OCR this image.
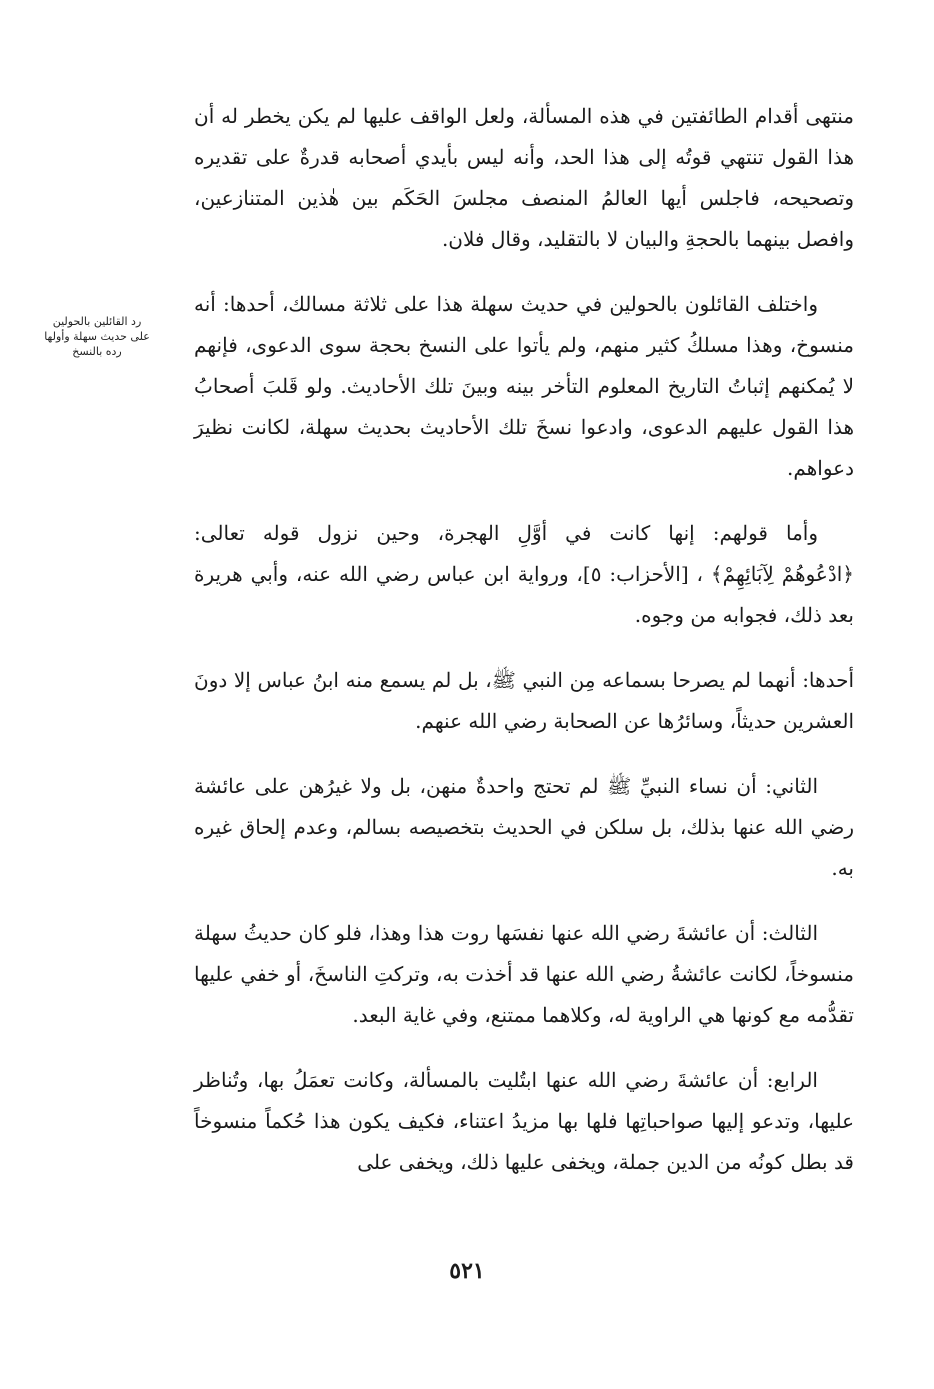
رد القائلين بالحولين
على حديث سهلة وأولها
رده بالنسخ

منتهى أقدام الطائفتين في هذه المسألة، ولعل الواقف عليها لم يكن يخطر له أن هذا القول تنتهي قوتُه إلى هذا الحد، وأنه ليس بأيدي أصحابه قدرةٌ على تقديره وتصحيحه، فاجلس أيها العالمُ المنصف مجلسَ الحَكَم بين هٰذين المتنازعين، وافصل بينهما بالحجةِ والبيان لا بالتقليد، وقال فلان.

واختلف القائلون بالحولين في حديث سهلة هذا على ثلاثة مسالك، أحدها: أنه منسوخ، وهذا مسلكُ كثير منهم، ولم يأتوا على النسخ بحجة سوى الدعوى، فإنهم لا يُمكنهم إثباتُ التاريخ المعلوم التأخر بينه وبينَ تلك الأحاديث. ولو قَلبَ أصحابُ هذا القول عليهم الدعوى، وادعوا نسخَ تلك الأحاديث بحديث سهلة، لكانت نظيرَ دعواهم.

وأما قولهم: إنها كانت في أوَّلِ الهجرة، وحين نزول قوله تعالى: ﴿ادْعُوهُمْ لِآبَائِهِمْ﴾ ، [الأحزاب: ٥]، ورواية ابن عباس رضي الله عنه، وأبي هريرة بعد ذلك، فجوابه من وجوه.

أحدها: أنهما لم يصرحا بسماعه مِن النبي ﷺ، بل لم يسمع منه ابنُ عباس إلا دونَ العشرين حديثاً، وسائرُها عن الصحابة رضي الله عنهم.

الثاني: أن نساء النبيِّ ﷺ لم تحتج واحدةٌ منهن، بل ولا غيرُهن على عائشة رضي الله عنها بذلك، بل سلكن في الحديث بتخصيصه بسالم، وعدم إلحاق غيره به.

الثالث: أن عائشةَ رضي الله عنها نفسَها روت هذا وهذا، فلو كان حديثُ سهلة منسوخاً، لكانت عائشةُ رضي الله عنها قد أخذت به، وتركتِ الناسخَ، أو خفي عليها تقدُّمه مع كونها هي الراوية له، وكلاهما ممتنع، وفي غاية البعد.

الرابع: أن عائشةَ رضي الله عنها ابتُليت بالمسألة، وكانت تعمَلُ بها، وتُناظر عليها، وتدعو إليها صواحباتِها فلها بها مزيدُ اعتناء، فكيف يكون هذا حُكماً منسوخاً قد بطل كونُه من الدين جملة، ويخفى عليها ذلك، ويخفى على

٥٢١
